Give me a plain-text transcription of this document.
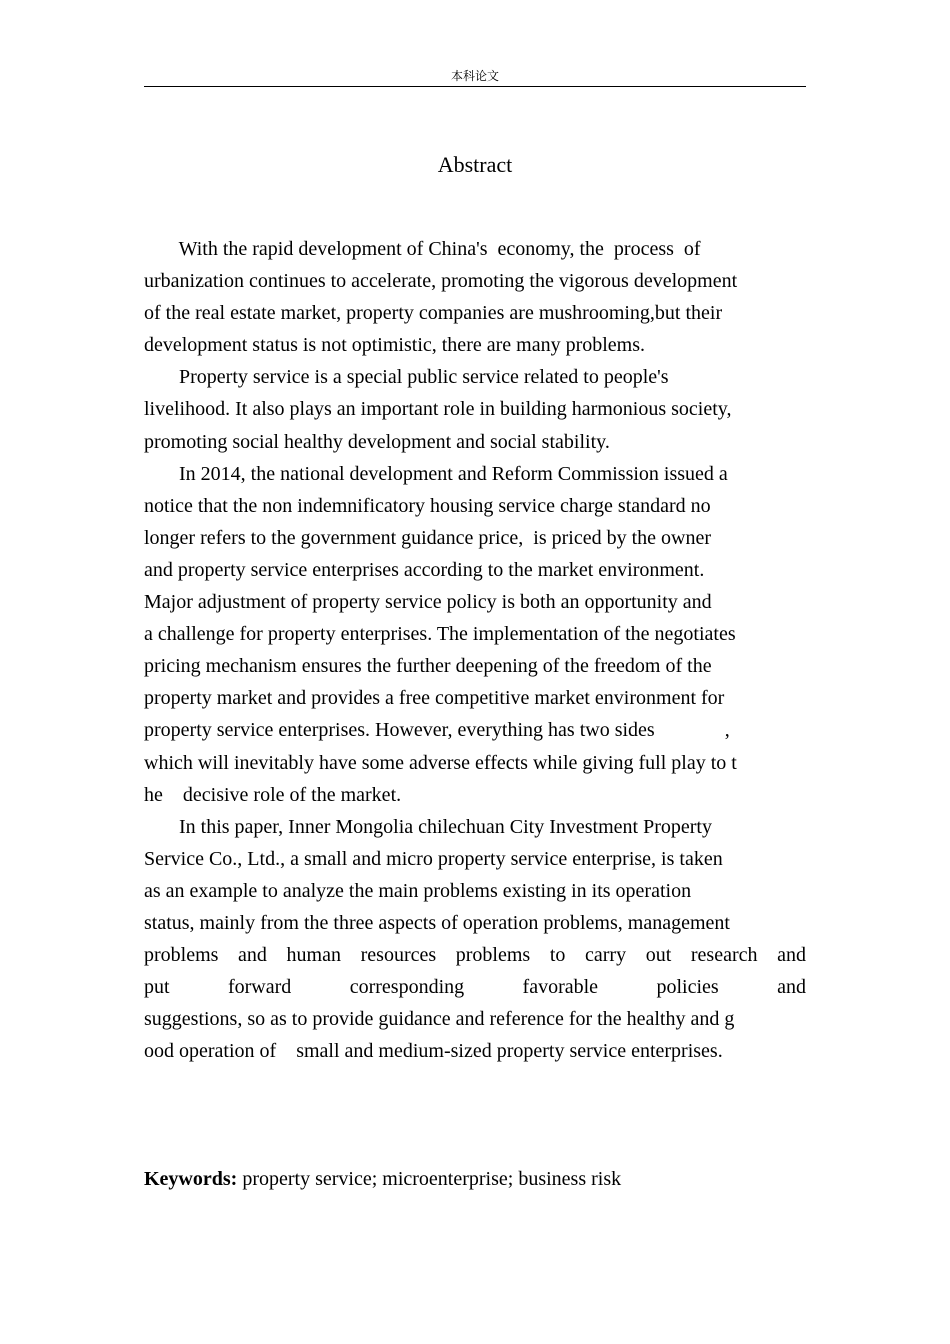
本科论文
Abstract
With the rapid development of China's  economy, the  process  of
urbanization continues to accelerate, promoting the vigorous development
of the real estate market, property companies are mushrooming,but their
development status is not optimistic, there are many problems.
Property service is a special public service related to people's
livelihood. It also plays an important role in building harmonious society,
promoting social healthy development and social stability.
In 2014, the national development and Reform Commission issued a
notice that the non indemnificatory housing service charge standard no
longer refers to the government guidance price,  is priced by the owner
and property service enterprises according to the market environment.
Major adjustment of property service policy is both an opportunity and
a challenge for property enterprises. The implementation of the negotiates
pricing mechanism ensures the further deepening of the freedom of the
property market and provides a free competitive market environment for
property service enterprises. However, everything has two sides              ,
which will inevitably have some adverse effects while giving full play to t
he    decisive role of the market.
In this paper, Inner Mongolia chilechuan City Investment Property
Service Co., Ltd., a small and micro property service enterprise, is taken
as an example to analyze the main problems existing in its operation
status, mainly from the three aspects of operation problems, management
problems and human resources problems to carry out research and
put forward corresponding favorable policies and
suggestions, so as to provide guidance and reference for the healthy and g
ood operation of    small and medium-sized property service enterprises.
Keywords: property service; microenterprise; business risk
